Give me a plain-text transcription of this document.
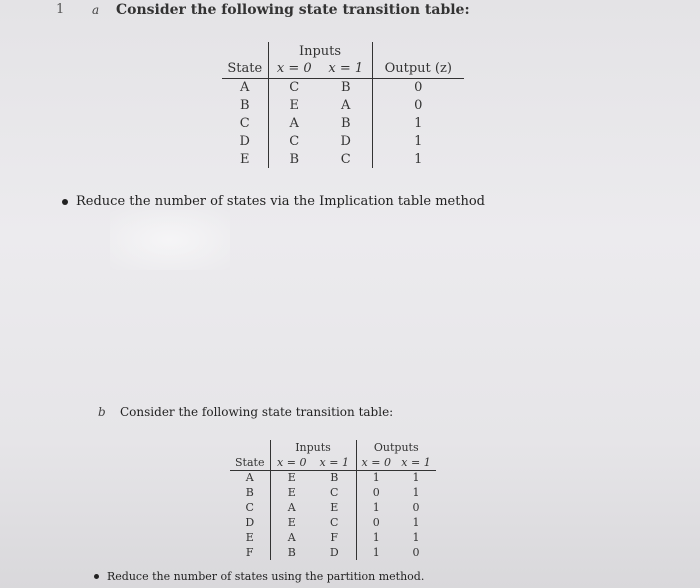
1 a Consider the following state transition table:
	Inputs		
State	x = 0	x = 1	Output (z)
A	C	B	0
B	E	A	0
C	A	B	1
D	C	D	1
E	B	C	1
Reduce the number of states via the Implication table method
b Consider the following state transition table:
	Inputs		Outputs	
State	x = 0	x = 1	x = 0	x = 1
A	E	B	1	1
B	E	C	0	1
C	A	E	1	0
D	E	C	0	1
E	A	F	1	1
F	B	D	1	0
Reduce the number of states using the partition method.
